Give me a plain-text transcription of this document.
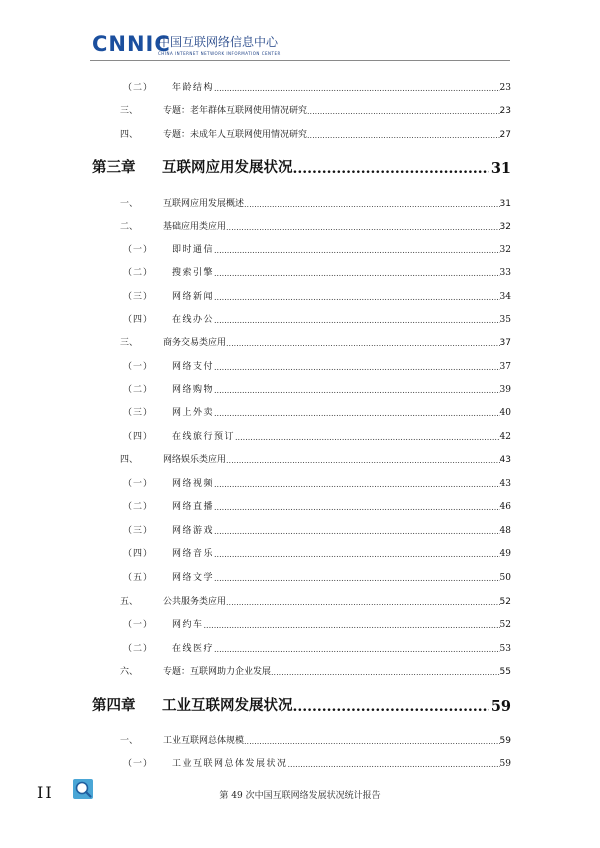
CNNIC
中国互联网络信息中心
CHINA INTERNET NETWORK INFORMATION CENTER
（二）	年龄结构 .....	23
三、	专题：老年群体互联网使用情况研究 .....	23
四、	专题：未成年人互联网使用情况研究 .....	27
第三章	互联网应用发展状况 .....	31
一、	互联网应用发展概述 .....	31
二、	基础应用类应用 .....	32
（一）	即时通信 .....	32
（二）	搜索引擎 .....	33
（三）	网络新闻 .....	34
（四）	在线办公 .....	35
三、	商务交易类应用 .....	37
（一）	网络支付 .....	37
（二）	网络购物 .....	39
（三）	网上外卖 .....	40
（四）	在线旅行预订 .....	42
四、	网络娱乐类应用 .....	43
（一）	网络视频 .....	43
（二）	网络直播 .....	46
（三）	网络游戏 .....	48
（四）	网络音乐 .....	49
（五）	网络文学 .....	50
五、	公共服务类应用 .....	52
（一）	网约车 .....	52
（二）	在线医疗 .....	53
六、	专题：互联网助力企业发展 .....	55
第四章	工业互联网发展状况 .....	59
一、	工业互联网总体规模 .....	59
（一）	工业互联网总体发展状况 .....	59
II	第 49 次中国互联网络发展状况统计报告
